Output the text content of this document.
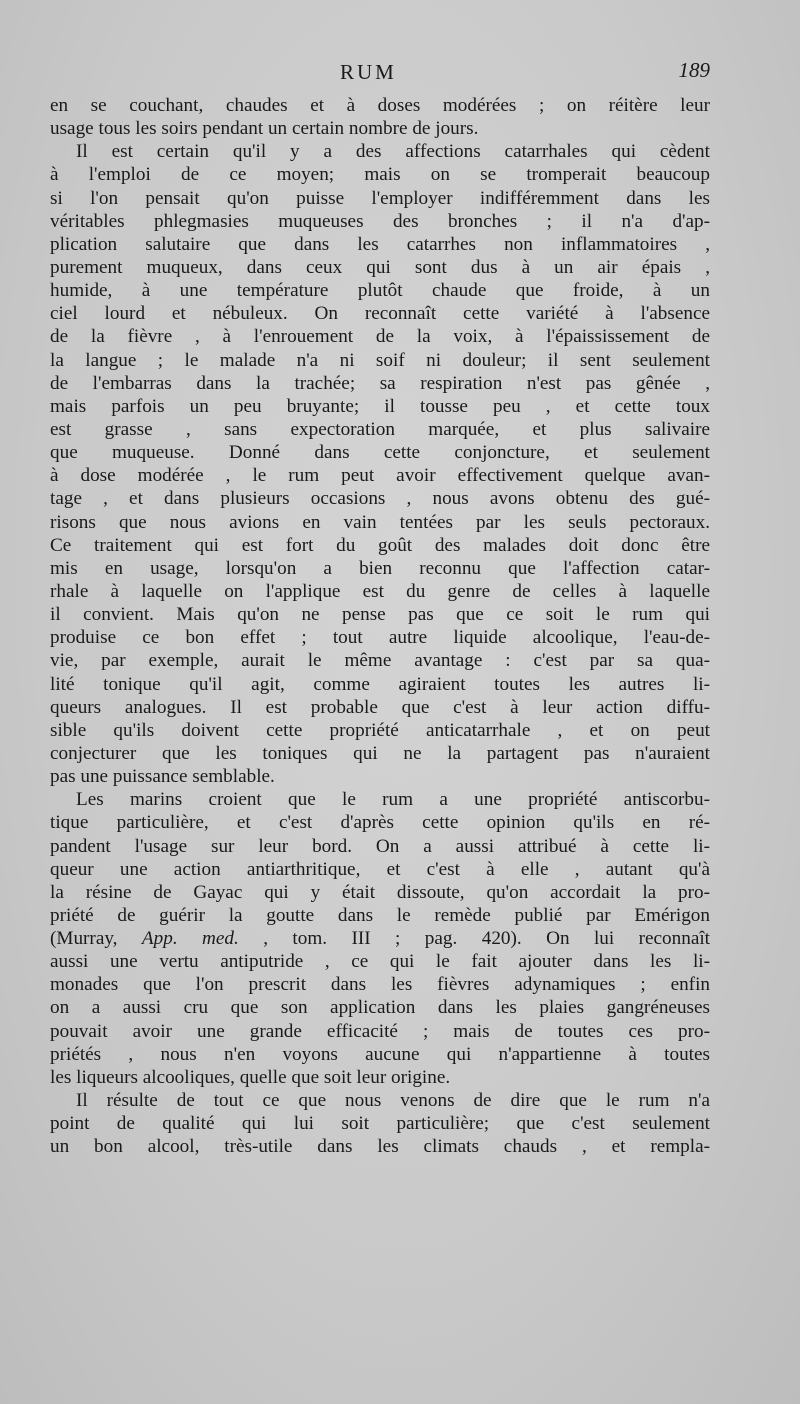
RUM	189
en se couchant, chaudes et à doses modérées ; on réitère leur
usage tous les soirs pendant un certain nombre de jours.
Il est certain qu'il y a des affections catarrhales qui cèdent
à l'emploi de ce moyen; mais on se tromperait beaucoup
si l'on pensait qu'on puisse l'employer indifféremment dans les
véritables phlegmasies muqueuses des bronches ; il n'a d'ap-
plication salutaire que dans les catarrhes non inflammatoires ,
purement muqueux, dans ceux qui sont dus à un air épais ,
humide, à une température plutôt chaude que froide, à un
ciel lourd et nébuleux. On reconnaît cette variété à l'absence
de la fièvre , à l'enrouement de la voix, à l'épaississement de
la langue ; le malade n'a ni soif ni douleur; il sent seulement
de l'embarras dans la trachée; sa respiration n'est pas gênée ,
mais parfois un peu bruyante; il tousse peu , et cette toux
est grasse , sans expectoration marquée, et plus salivaire
que muqueuse. Donné dans cette conjoncture, et seulement
à dose modérée , le rum peut avoir effectivement quelque avan-
tage , et dans plusieurs occasions , nous avons obtenu des gué-
risons que nous avions en vain tentées par les seuls pectoraux.
Ce traitement qui est fort du goût des malades doit donc être
mis en usage, lorsqu'on a bien reconnu que l'affection catar-
rhale à laquelle on l'applique est du genre de celles à laquelle
il convient. Mais qu'on ne pense pas que ce soit le rum qui
produise ce bon effet ; tout autre liquide alcoolique, l'eau-de-
vie, par exemple, aurait le même avantage : c'est par sa qua-
lité tonique qu'il agit, comme agiraient toutes les autres li-
queurs analogues. Il est probable que c'est à leur action diffu-
sible qu'ils doivent cette propriété anticatarrhale , et on peut
conjecturer que les toniques qui ne la partagent pas n'auraient
pas une puissance semblable.
Les marins croient que le rum a une propriété antiscorbu-
tique particulière, et c'est d'après cette opinion qu'ils en ré-
pandent l'usage sur leur bord. On a aussi attribué à cette li-
queur une action antiarthritique, et c'est à elle , autant qu'à
la résine de Gayac qui y était dissoute, qu'on accordait la pro-
priété de guérir la goutte dans le remède publié par Emérigon
(Murray, App. med. , tom. III ; pag. 420). On lui reconnaît
aussi une vertu antiputride , ce qui le fait ajouter dans les li-
monades que l'on prescrit dans les fièvres adynamiques ; enfin
on a aussi cru que son application dans les plaies gangréneuses
pouvait avoir une grande efficacité ; mais de toutes ces pro-
priétés , nous n'en voyons aucune qui n'appartienne à toutes
les liqueurs alcooliques, quelle que soit leur origine.
Il résulte de tout ce que nous venons de dire que le rum n'a
point de qualité qui lui soit particulière; que c'est seulement
un bon alcool, très-utile dans les climats chauds , et rempla-
